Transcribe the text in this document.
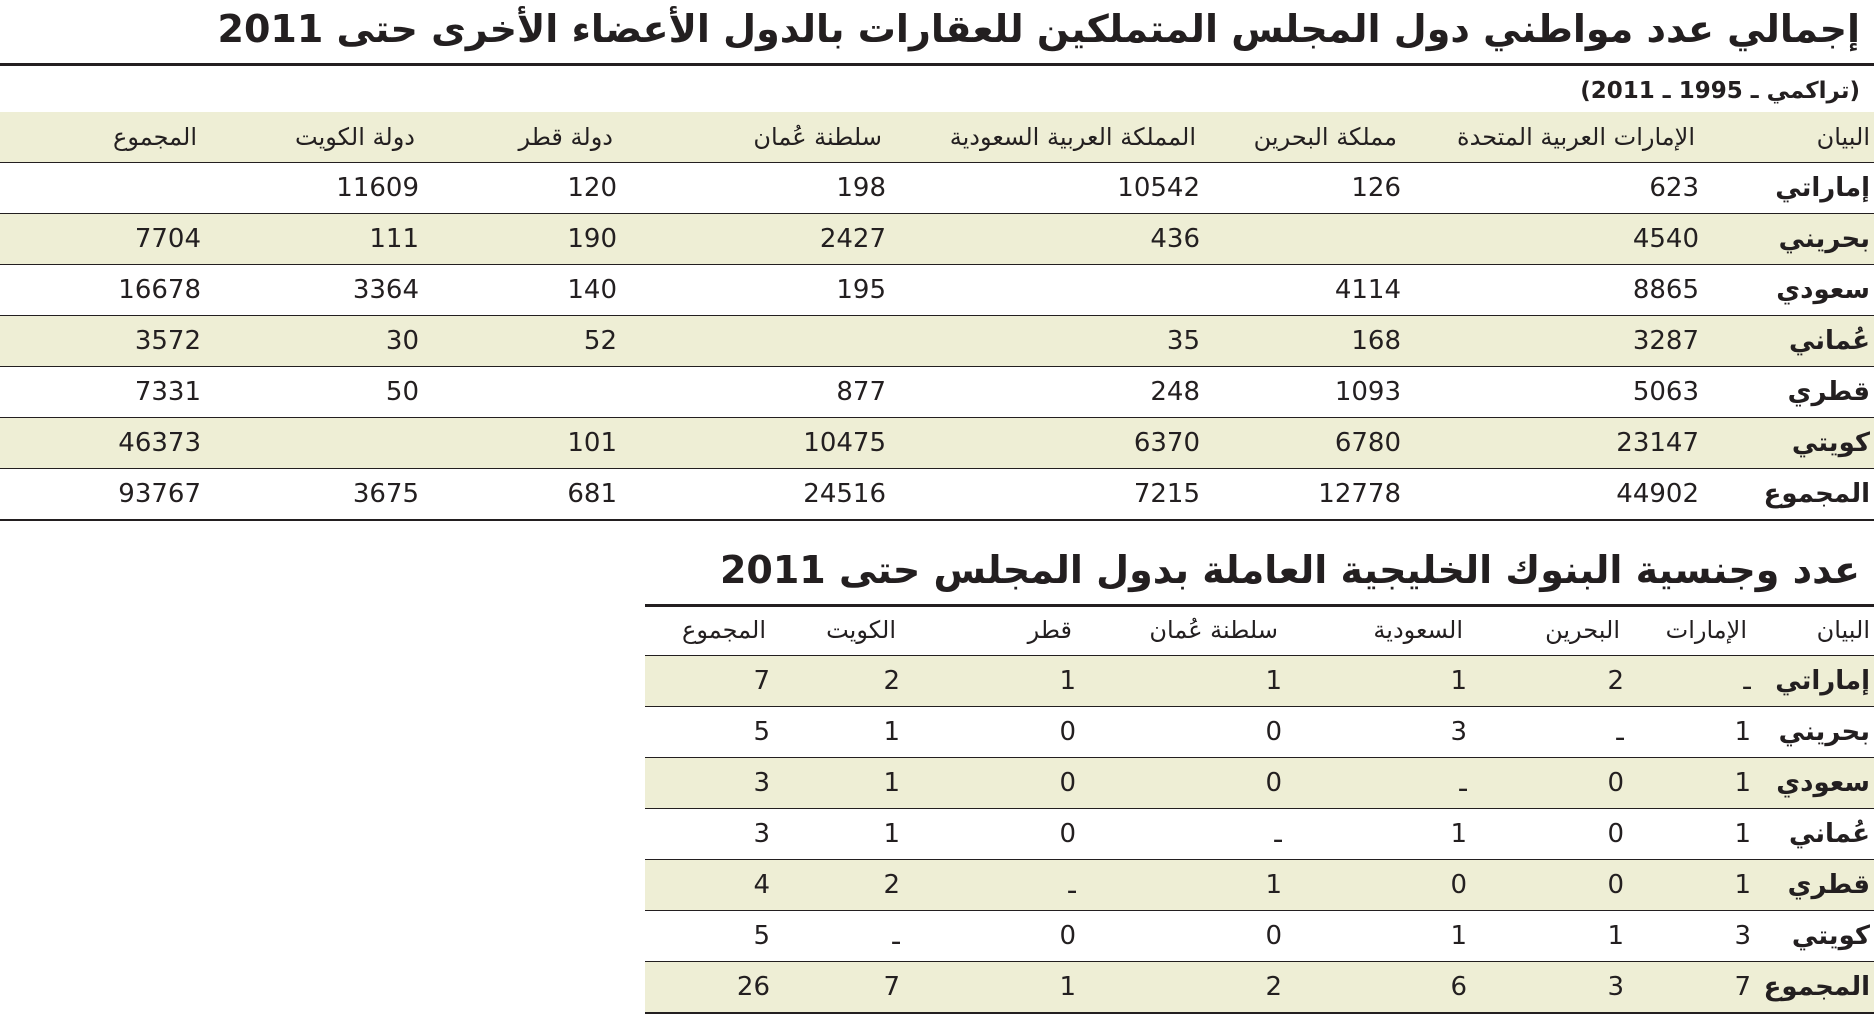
إجمالي عدد مواطني دول المجلس المتملكين للعقارات بالدول الأعضاء الأخرى حتى 2011
(تراكمي ـ 1995 ـ 2011)
	المجموع	دولة الكويت	دولة قطر	سلطنة عُمان	المملكة العربية السعودية	مملكة البحرين	الإمارات العربية المتحدة	البيان
		11609	120	198	10542	126	623	إماراتي
	7704	111	190	2427	436		4540	بحريني
	16678	3364	140	195		4114	8865	سعودي
	3572	30	52		35	168	3287	عُماني
	7331	50		877	248	1093	5063	قطري
	46373		101	10475	6370	6780	23147	كويتي
	93767	3675	681	24516	7215	12778	44902	المجموع
عدد وجنسية البنوك الخليجية العاملة بدول المجلس حتى 2011
المجموع	الكويت	قطر	سلطنة عُمان	السعودية	البحرين	الإمارات	البيان
7	2	1	1	1	2	ـ	إماراتي
5	1	0	0	3	ـ	1	بحريني
3	1	0	0	ـ	0	1	سعودي
3	1	0	ـ	1	0	1	عُماني
4	2	ـ	1	0	0	1	قطري
5	ـ	0	0	1	1	3	كويتي
26	7	1	2	6	3	7	المجموع
